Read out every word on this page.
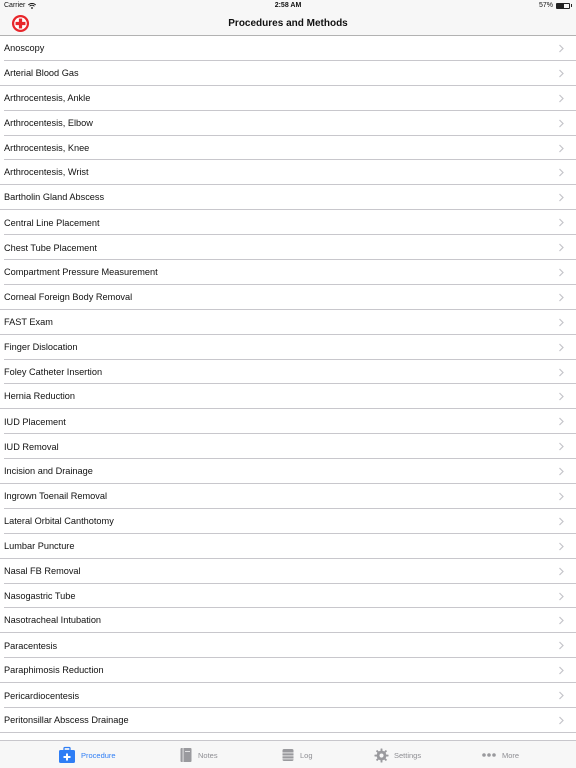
Carrier	2:58 AM	57%
Procedures and Methods
Anoscopy
Arterial Blood Gas
Arthrocentesis, Ankle
Arthrocentesis, Elbow
Arthrocentesis, Knee
Arthrocentesis, Wrist
Bartholin Gland Abscess
Central Line Placement
Chest Tube Placement
Compartment Pressure Measurement
Corneal Foreign Body Removal
FAST Exam
Finger Dislocation
Foley Catheter Insertion
Hernia Reduction
IUD Placement
IUD Removal
Incision and Drainage
Ingrown Toenail Removal
Lateral Orbital Canthotomy
Lumbar Puncture
Nasal FB Removal
Nasogastric Tube
Nasotracheal Intubation
Paracentesis
Paraphimosis Reduction
Pericardiocentesis
Peritonsillar Abscess Drainage
Procedure	Notes	Log	Settings	More
